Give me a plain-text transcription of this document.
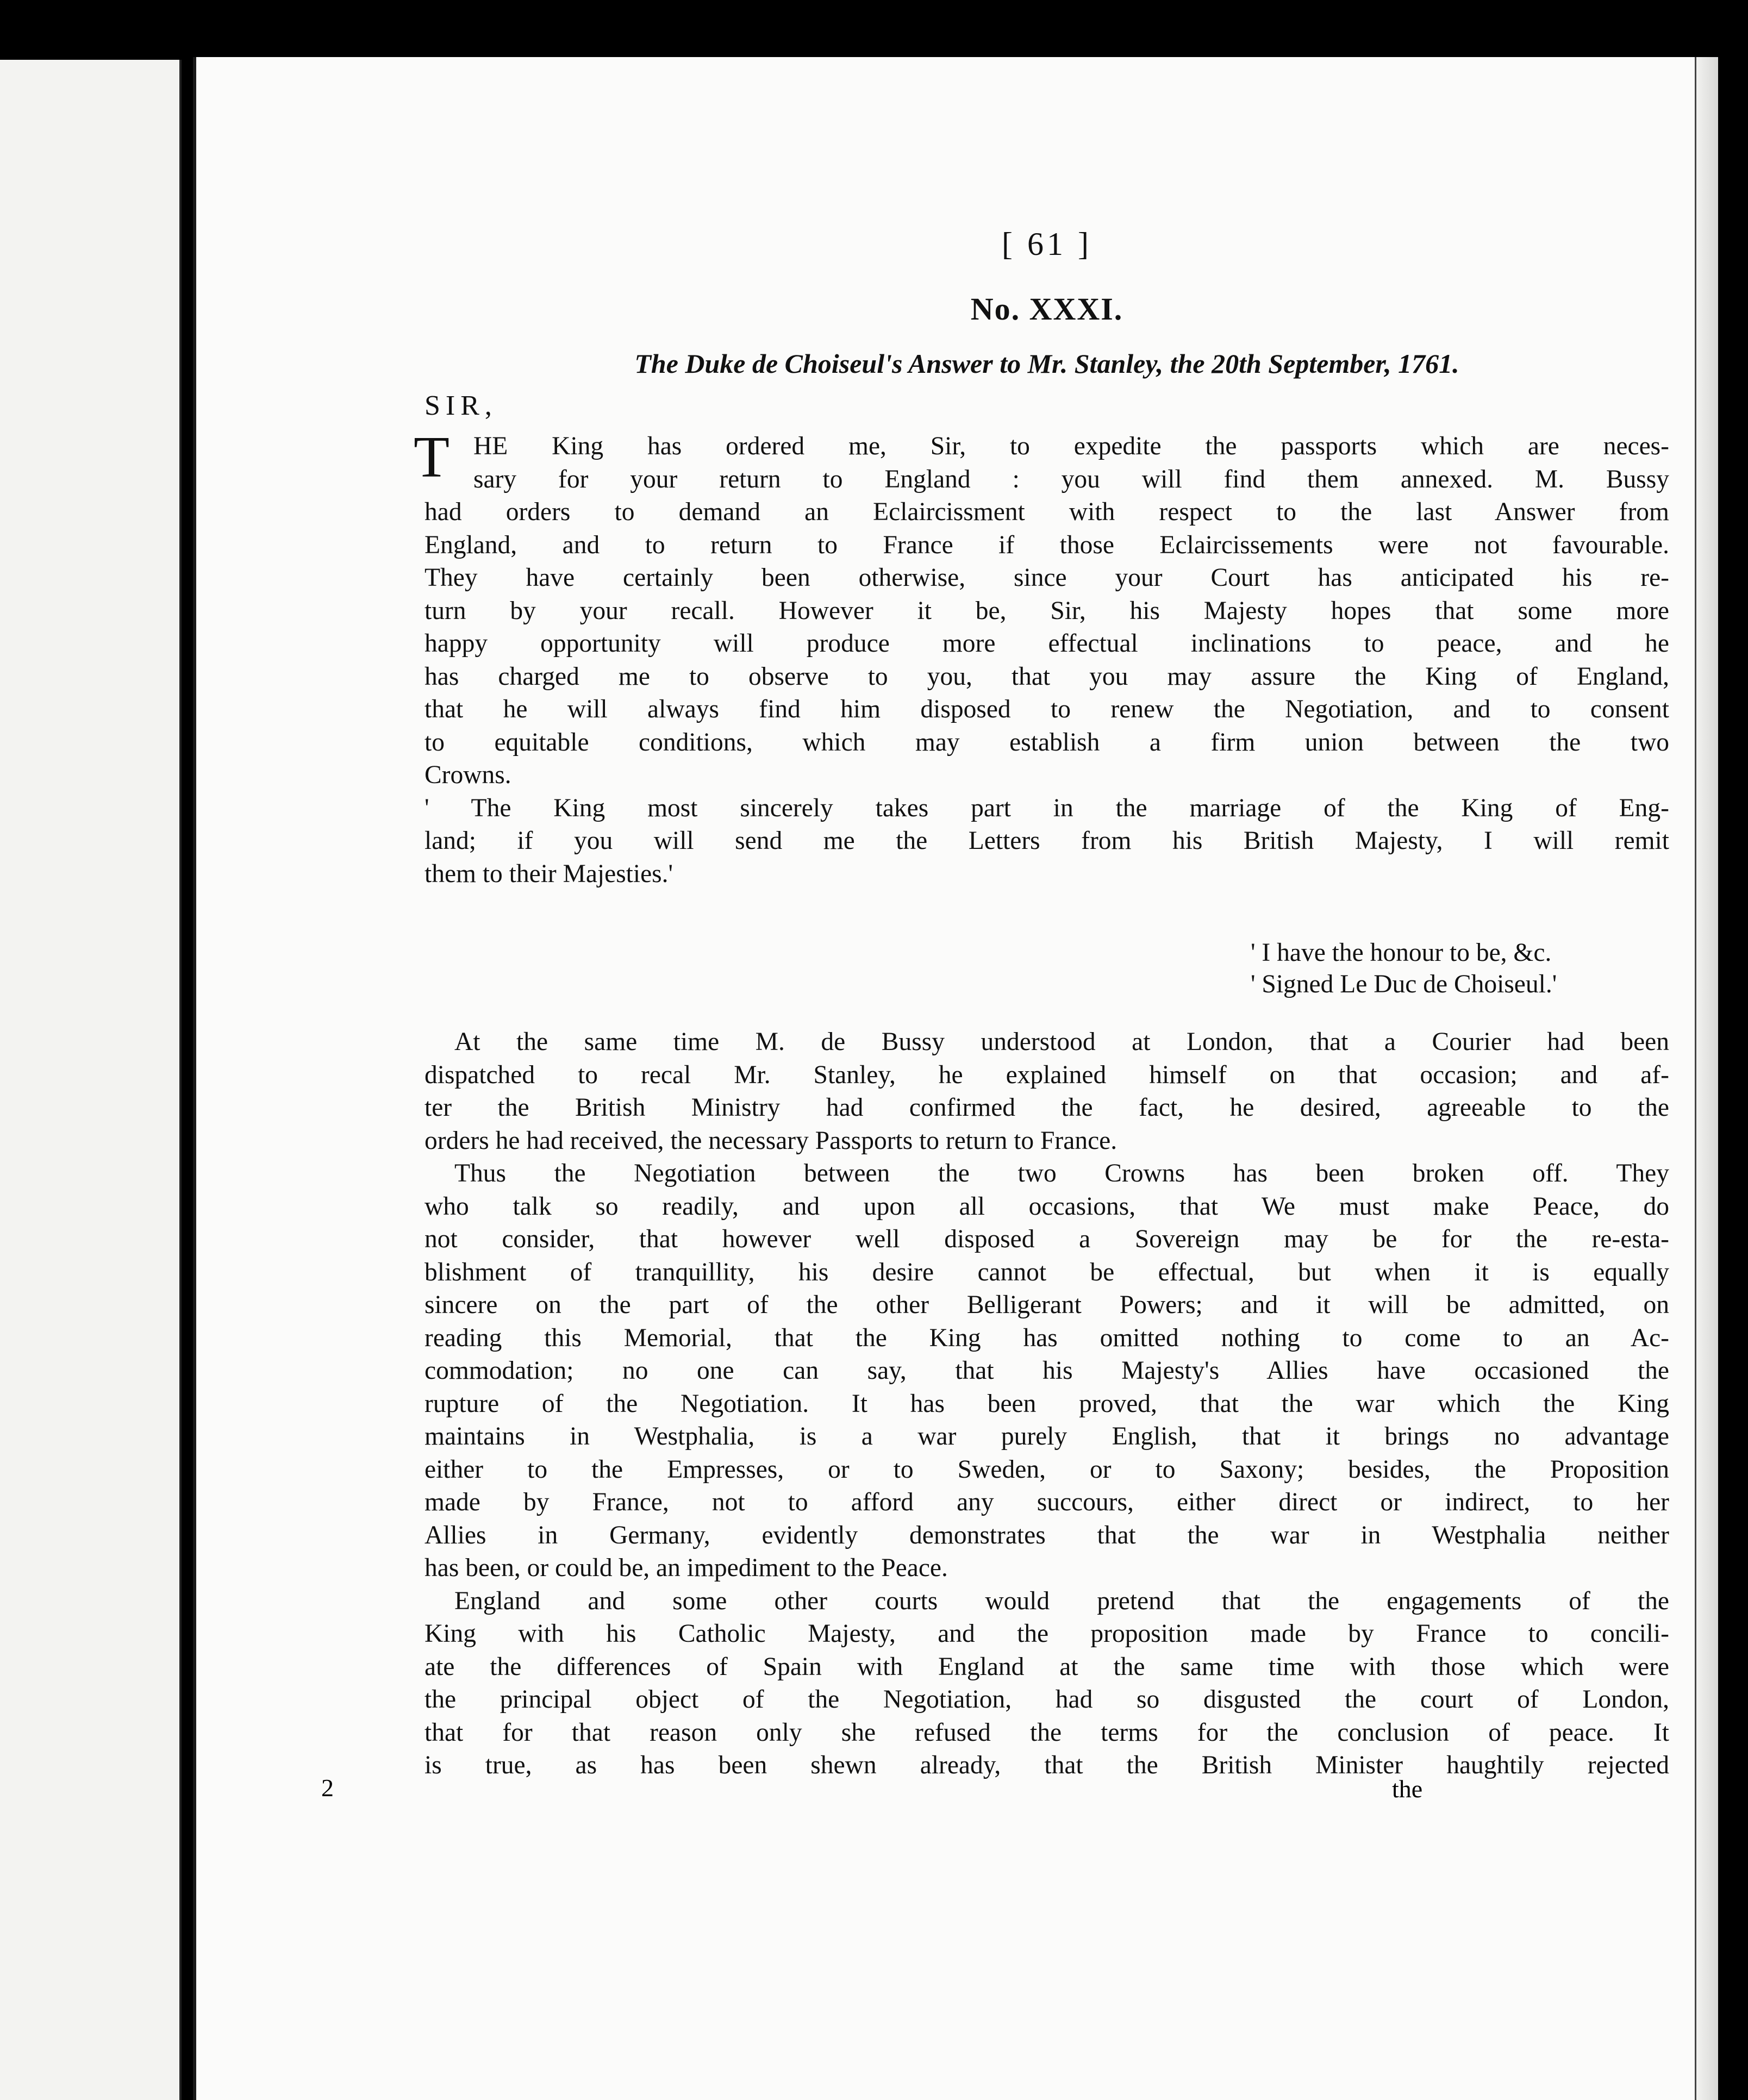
[ 61 ]
No. XXXI.
The Duke de Choiseul's Answer to Mr. Stanley, the 20th September, 1761.
SIR,
T HE King has ordered me, Sir, to expedite the passports which are neces-
sary for your return to England : you will find them annexed. M. Bussy
had orders to demand an Eclaircissment with respect to the last Answer from
England, and to return to France if those Eclaircissements were not favourable.
They have certainly been otherwise, since your Court has anticipated his re-
turn by your recall. However it be, Sir, his Majesty hopes that some more
happy opportunity will produce more effectual inclinations to peace, and he
has charged me to observe to you, that you may assure the King of England,
that he will always find him disposed to renew the Negotiation, and to consent
to equitable conditions, which may establish a firm union between the two
Crowns.
' The King most sincerely takes part in the marriage of the King of Eng-
land; if you will send me the Letters from his British Majesty, I will remit
them to their Majesties.'
' I have the honour to be, &c.
' Signed Le Duc de Choiseul.'
At the same time M. de Bussy understood at London, that a Courier had been
dispatched to recal Mr. Stanley, he explained himself on that occasion; and af-
ter the British Ministry had confirmed the fact, he desired, agreeable to the
orders he had received, the necessary Passports to return to France.
Thus the Negotiation between the two Crowns has been broken off. They
who talk so readily, and upon all occasions, that We must make Peace, do
not consider, that however well disposed a Sovereign may be for the re-esta-
blishment of tranquillity, his desire cannot be effectual, but when it is equally
sincere on the part of the other Belligerant Powers; and it will be admitted, on
reading this Memorial, that the King has omitted nothing to come to an Ac-
commodation; no one can say, that his Majesty's Allies have occasioned the
rupture of the Negotiation. It has been proved, that the war which the King
maintains in Westphalia, is a war purely English, that it brings no advantage
either to the Empresses, or to Sweden, or to Saxony; besides, the Proposition
made by France, not to afford any succours, either direct or indirect, to her
Allies in Germany, evidently demonstrates that the war in Westphalia neither
has been, or could be, an impediment to the Peace.
England and some other courts would pretend that the engagements of the
King with his Catholic Majesty, and the proposition made by France to concili-
ate the differences of Spain with England at the same time with those which were
the principal object of the Negotiation, had so disgusted the court of London,
that for that reason only she refused the terms for the conclusion of peace. It
is true, as has been shewn already, that the British Minister haughtily rejected
2	the
